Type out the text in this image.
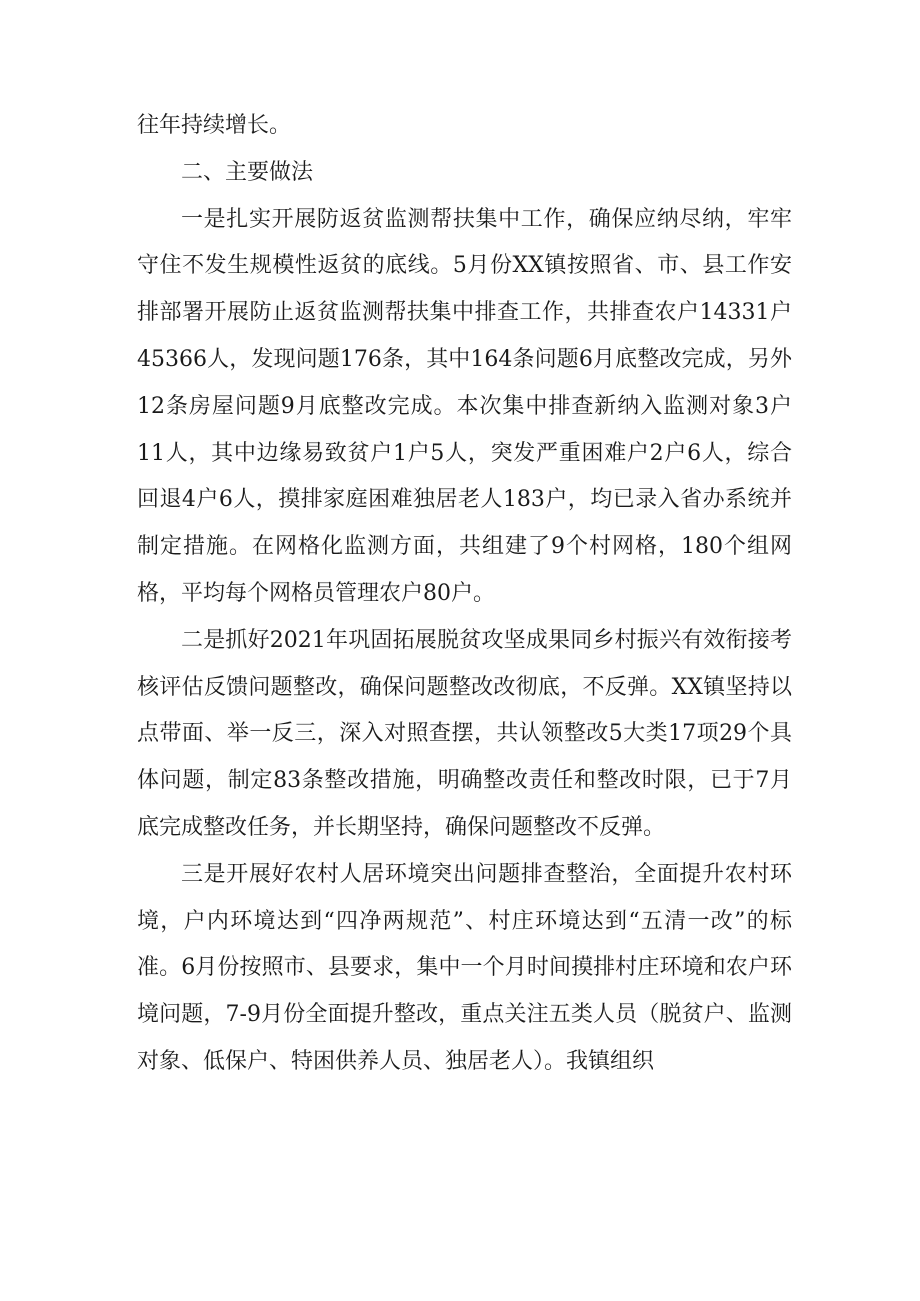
往年持续增长。

二、主要做法

一是扎实开展防返贫监测帮扶集中工作，确保应纳尽纳，牢牢守住不发生规模性返贫的底线。5月份XX镇按照省、市、县工作安排部署开展防止返贫监测帮扶集中排查工作，共排查农户14331户45366人，发现问题176条，其中164条问题6月底整改完成，另外12条房屋问题9月底整改完成。本次集中排查新纳入监测对象3户11人，其中边缘易致贫户1户5人，突发严重困难户2户6人，综合回退4户6人，摸排家庭困难独居老人183户，均已录入省办系统并制定措施。在网格化监测方面，共组建了9个村网格，180个组网格，平均每个网格员管理农户80户。

二是抓好2021年巩固拓展脱贫攻坚成果同乡村振兴有效衔接考核评估反馈问题整改，确保问题整改改彻底，不反弹。XX镇坚持以点带面、举一反三，深入对照查摆，共认领整改5大类17项29个具体问题，制定83条整改措施，明确整改责任和整改时限，已于7月底完成整改任务，并长期坚持，确保问题整改不反弹。

三是开展好农村人居环境突出问题排查整治，全面提升农村环境，户内环境达到“四净两规范”、村庄环境达到“五清一改”的标准。6月份按照市、县要求，集中一个月时间摸排村庄环境和农户环境问题，7-9月份全面提升整改，重点关注五类人员（脱贫户、监测对象、低保户、特困供养人员、独居老人）。我镇组织
